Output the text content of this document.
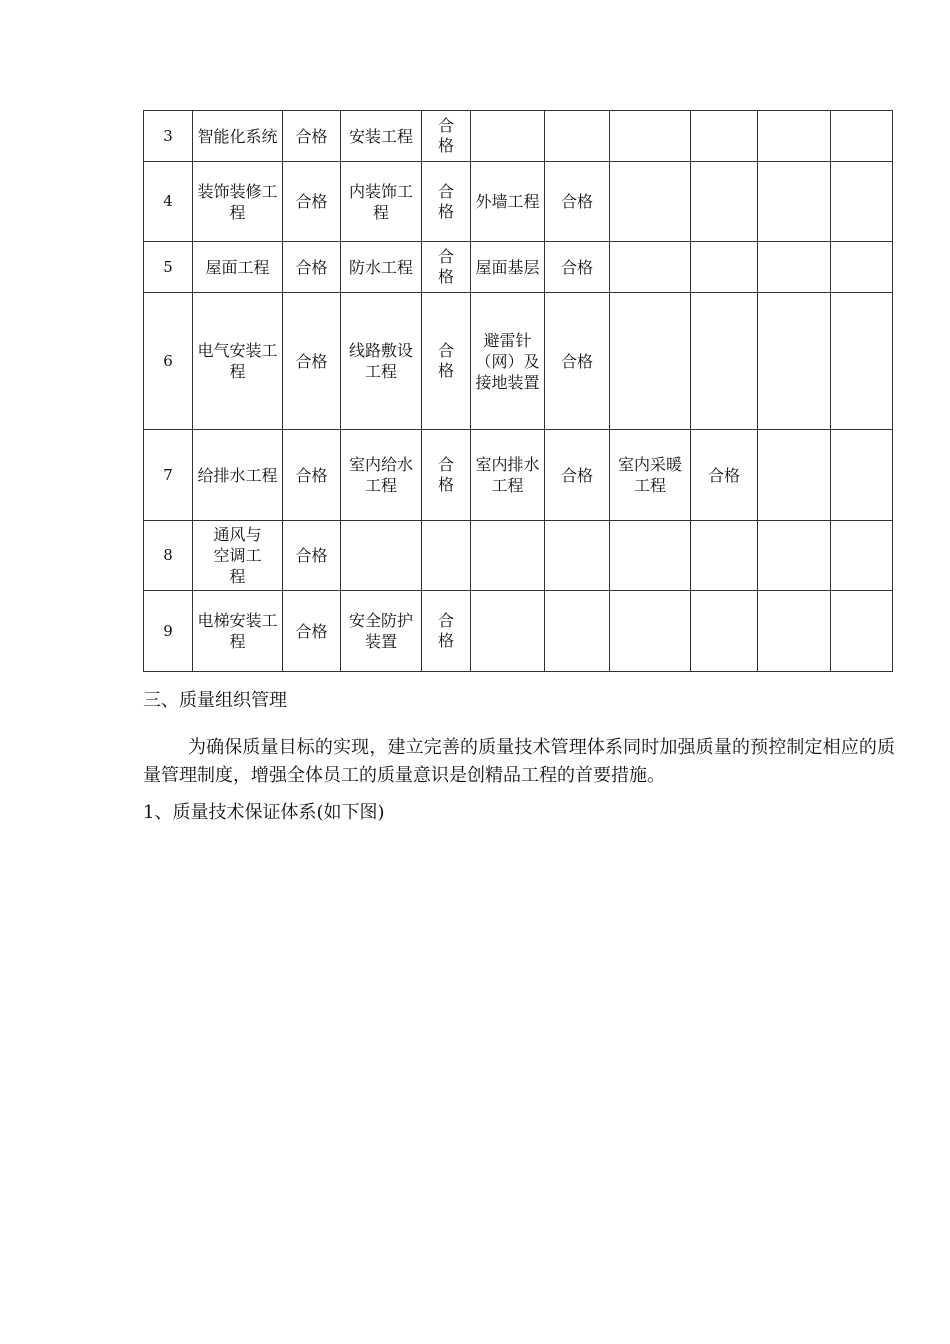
3	智能化系统	合格	安装工程	合格						
4	装饰装修工程	合格	内装饰工程	合格	外墙工程	合格				
5	屋面工程	合格	防水工程	合格	屋面基层	合格				
6	电气安装工程	合格	线路敷设工程	合格	避雷针（网）及接地装置	合格				
7	给排水工程	合格	室内给水工程	合格	室内排水工程	合格	室内采暖工程	合格		
8	通风与空调工程	合格								
9	电梯安装工程	合格	安全防护装置	合格						
三、质量组织管理

为确保质量目标的实现，建立完善的质量技术管理体系同时加强质量的预控制定相应的质量管理制度，增强全体员工的质量意识是创精品工程的首要措施。

1、质量技术保证体系(如下图)
